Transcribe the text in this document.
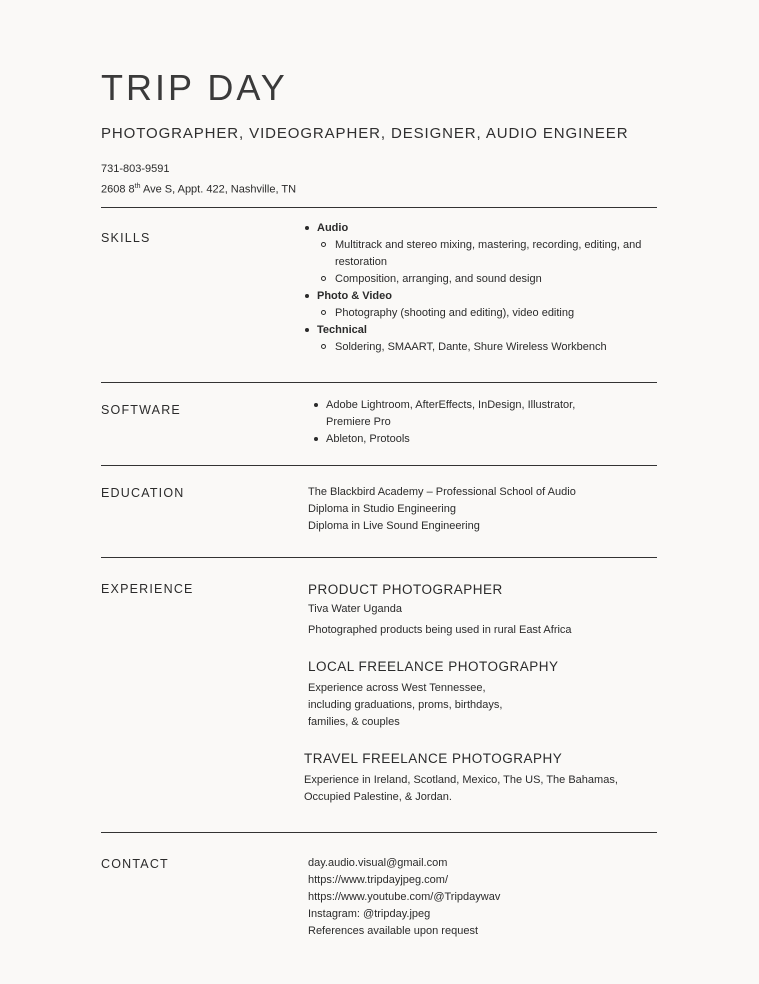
TRIP DAY
PHOTOGRAPHER, VIDEOGRAPHER, DESIGNER, AUDIO ENGINEER
731-803-9591
2608 8th Ave S, Appt. 422, Nashville, TN
SKILLS
Audio
Multitrack and stereo mixing, mastering, recording, editing, and restoration
Composition, arranging, and sound design
Photo & Video
Photography (shooting and editing), video editing
Technical
Soldering, SMAART, Dante, Shure Wireless Workbench
SOFTWARE	Adobe Lightroom, AfterEffects, InDesign, Illustrator, Premiere Pro
Ableton, Protools
EDUCATION	The Blackbird Academy – Professional School of Audio
Diploma in Studio Engineering
Diploma in Live Sound Engineering
EXPERIENCE	PRODUCT PHOTOGRAPHER
Tiva Water Uganda
Photographed products being used in rural East Africa
LOCAL FREELANCE PHOTOGRAPHY
Experience across West Tennessee,
including graduations, proms, birthdays,
families, & couples
TRAVEL FREELANCE PHOTOGRAPHY
Experience in Ireland, Scotland, Mexico, The US, The Bahamas,
Occupied Palestine, & Jordan.
CONTACT	day.audio.visual@gmail.com
https://www.tripdayjpeg.com/
https://www.youtube.com/@Tripdaywav
Instagram: @tripday.jpeg
References available upon request
